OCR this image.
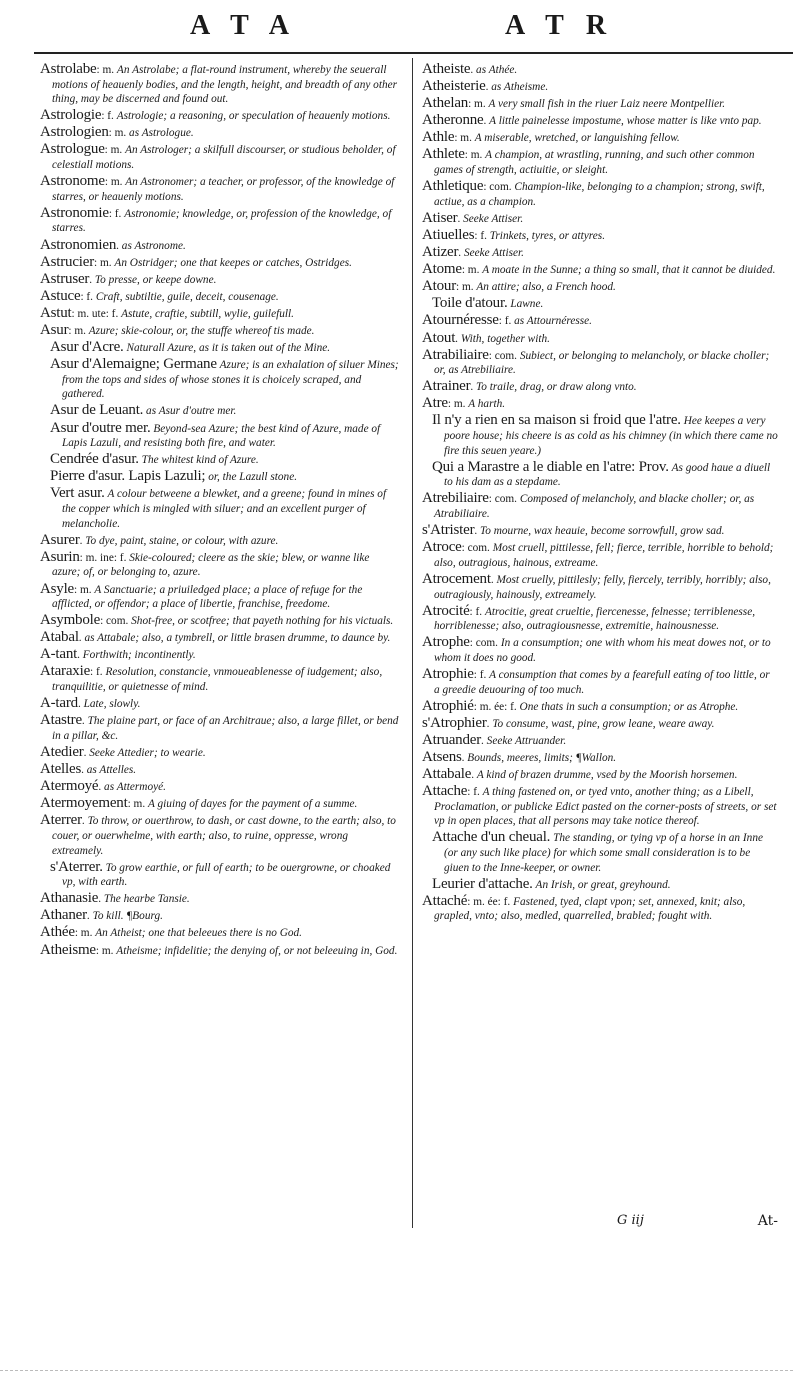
ATA	ATR

Astrolabe: m. An Astrolabe; a flat-round instrument, whereby the seuerall motions of heauenly bodies, and the length, height, and breadth of any other thing, may be discerned and found out.

Astrologie: f. Astrologie; a reasoning, or speculation of heauenly motions.

Astrologien: m. as Astrologue.

Astrologue: m. An Astrologer; a skilfull discourser, or studious beholder, of celestiall motions.

Astronome: m. An Astronomer; a teacher, or professor, of the knowledge of starres, or heauenly motions.

Astronomie: f. Astronomie; knowledge, or, profession of the knowledge, of starres.

Astronomien. as Astronome.

Astrucier: m. An Ostridger; one that keepes or catches, Ostridges.

Astruser. To presse, or keepe downe.

Astuce: f. Craft, subtiltie, guile, deceit, cousenage.

Astut: m. ute: f. Astute, craftie, subtill, wylie, guilefull.

Asur: m. Azure; skie-colour, or, the stuffe whereof tis made.

Asur d'Acre. Naturall Azure, as it is taken out of the Mine.

Asur d'Alemaigne; Germane Azure; is an exhalation of siluer Mines; from the tops and sides of whose stones it is choicely scraped, and gathered.

Asur de Leuant. as Asur d'outre mer.

Asur d'outre mer. Beyond-sea Azure; the best kind of Azure, made of Lapis Lazuli, and resisting both fire, and water.

Cendrée d'asur. The whitest kind of Azure.

Pierre d'asur. Lapis Lazuli; or, the Lazull stone.

Vert asur. A colour betweene a blewket, and a greene; found in mines of the copper which is mingled with siluer; and an excellent purger of melancholie.

Asurer. To dye, paint, staine, or colour, with azure.

Asurin: m. ine: f. Skie-coloured; cleere as the skie; blew, or wanne like azure; of, or belonging to, azure.

Asyle: m. A Sanctuarie; a priuiledged place; a place of refuge for the afflicted, or offendor; a place of libertie, franchise, freedome.

Asymbole: com. Shot-free, or scotfree; that payeth nothing for his victuals.

Atabal. as Attabale; also, a tymbrell, or little brasen drumme, to daunce by.

A-tant. Forthwith; incontinently.

Ataraxie: f. Resolution, constancie, vnmoueablenesse of iudgement; also, tranquilitie, or quietnesse of mind.

A-tard. Late, slowly.

Atastre. The plaine part, or face of an Architraue; also, a large fillet, or bend in a pillar, &c.

Atedier. Seeke Attedier; to wearie.

Atelles. as Attelles.

Atermoyé. as Attermoyé.

Atermoyement: m. A giuing of dayes for the payment of a summe.

Aterrer. To throw, or ouerthrow, to dash, or cast downe, to the earth; also, to couer, or ouerwhelme, with earth; also, to ruine, oppresse, wrong extreamely.

s'Aterrer. To grow earthie, or full of earth; to be ouergrowne, or choaked vp, with earth.

Athanasie. The hearbe Tansie.

Athaner. To kill. ¶Bourg.

Athée: m. An Atheist; one that beleeues there is no God.

Atheisme: m. Atheisme; infidelitie; the denying of, or not beleeuing in, God.

Atheiste. as Athée.

Atheisterie. as Atheisme.

Athelan: m. A very small fish in the riuer Laiz neere Montpellier.

Atheronne. A little painelesse impostume, whose matter is like vnto pap.

Athle: m. A miserable, wretched, or languishing fellow.

Athlete: m. A champion, at wrastling, running, and such other common games of strength, actiuitie, or sleight.

Athletique: com. Champion-like, belonging to a champion; strong, swift, actiue, as a champion.

Atiser. Seeke Attiser.

Atiuelles: f. Trinkets, tyres, or attyres.

Atizer. Seeke Attiser.

Atome: m. A moate in the Sunne; a thing so small, that it cannot be diuided.

Atour: m. An attire; also, a French hood.

Toile d'atour. Lawne.

Atournéresse: f. as Attournéresse.

Atout. With, together with.

Atrabiliaire: com. Subiect, or belonging to melancholy, or blacke choller; or, as Atrebiliaire.

Atrainer. To traile, drag, or draw along vnto.

Atre: m. A harth.

Il n'y a rien en sa maison si froid que l'atre. Hee keepes a very poore house; his cheere is as cold as his chimney (in which there came no fire this seuen yeare.)

Qui a Marastre a le diable en l'atre: Prov. As good haue a diuell to his dam as a stepdame.

Atrebiliaire: com. Composed of melancholy, and blacke choller; or, as Atrabiliaire.

s'Atrister. To mourne, wax heauie, become sorrowfull, grow sad.

Atroce: com. Most cruell, pittilesse, fell; fierce, terrible, horrible to behold; also, outragious, hainous, extreame.

Atrocement. Most cruelly, pittilesly; felly, fiercely, terribly, horribly; also, outragiously, hainously, extreamely.

Atrocité: f. Atrocitie, great crueltie, fiercenesse, felnesse; terriblenesse, horriblenesse; also, outragiousnesse, extremitie, hainousnesse.

Atrophe: com. In a consumption; one with whom his meat dowes not, or to whom it does no good.

Atrophie: f. A consumption that comes by a fearefull eating of too little, or a greedie deuouring of too much.

Atrophié: m. ée: f. One thats in such a consumption; or as Atrophe.

s'Atrophier. To consume, wast, pine, grow leane, weare away.

Atruander. Seeke Attruander.

Atsens. Bounds, meeres, limits; ¶Wallon.

Attabale. A kind of brazen drumme, vsed by the Moorish horsemen.

Attache: f. A thing fastened on, or tyed vnto, another thing; as a Libell, Proclamation, or publicke Edict pasted on the corner-posts of streets, or set vp in open places, that all persons may take notice thereof.

Attache d'un cheual. The standing, or tying vp of a horse in an Inne (or any such like place) for which some small consideration is to be giuen to the Inne-keeper, or owner.

Leurier d'attache. An Irish, or great, greyhound.

Attaché: m. ée: f. Fastened, tyed, clapt vpon; set, annexed, knit; also, grapled, vnto; also, medled, quarrelled, brabled; fought with.

G iij	At-
